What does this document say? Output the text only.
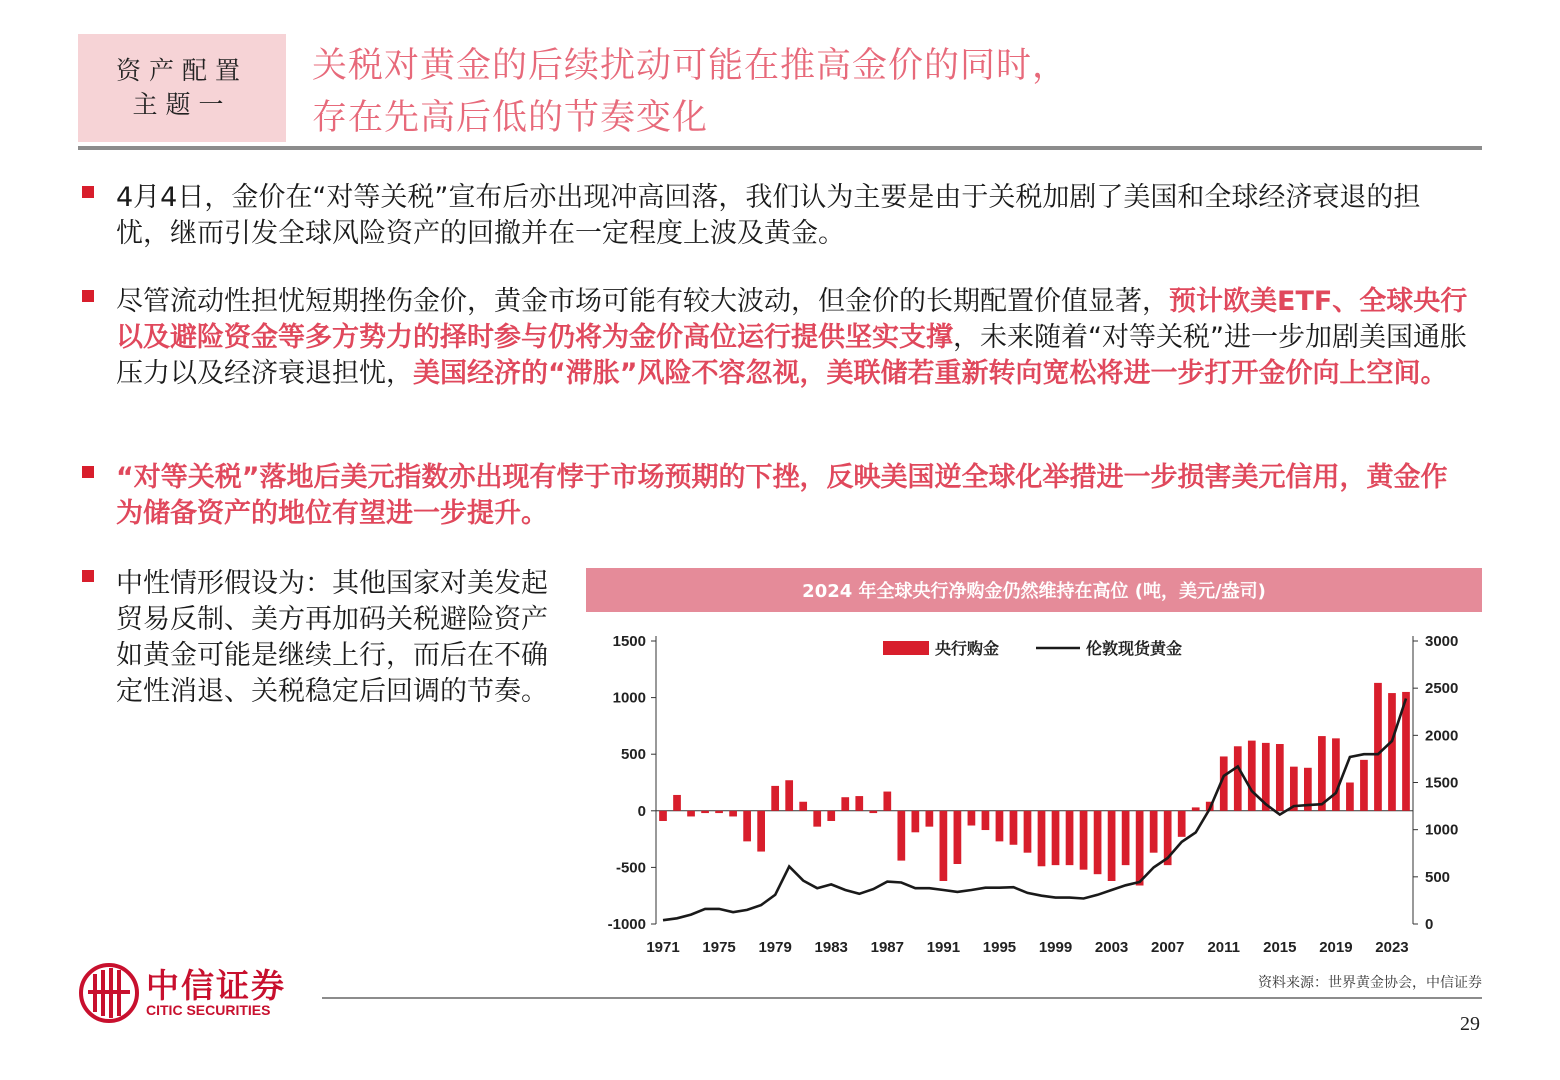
资产配置
主题一
关税对黄金的后续扰动可能在推高金价的同时，
存在先高后低的节奏变化
4月4日，金价在“对等关税”宣布后亦出现冲高回落，我们认为主要是由于关税加剧了美国和全球经济衰退的担忧，继而引发全球风险资产的回撤并在一定程度上波及黄金。
尽管流动性担忧短期挫伤金价，黄金市场可能有较大波动，但金价的长期配置价值显著，预计欧美ETF、全球央行以及避险资金等多方势力的择时参与仍将为金价高位运行提供坚实支撑，未来随着“对等关税”进一步加剧美国通胀压力以及经济衰退担忧，美国经济的“滞胀”风险不容忽视，美联储若重新转向宽松将进一步打开金价向上空间。
“对等关税”落地后美元指数亦出现有悖于市场预期的下挫，反映美国逆全球化举措进一步损害美元信用，黄金作为储备资产的地位有望进一步提升。
中性情形假设为：其他国家对美发起贸易反制、美方再加码关税避险资产如黄金可能是继续上行，而后在不确定性消退、关税稳定后回调的节奏。
2024 年全球央行净购金仍然维持在高位 (吨，美元/盎司)
1500
1000
500
0
-500
-1000
3000
2500
2000
1500
1000
500
0
1971 1975 1979 1983 1987 1991 1995 1999 2003 2007 2011 2015 2019 2023
央行购金	伦敦现货黄金
资料来源：世界黄金协会，中信证券
中信证券
CITIC SECURITIES
29
